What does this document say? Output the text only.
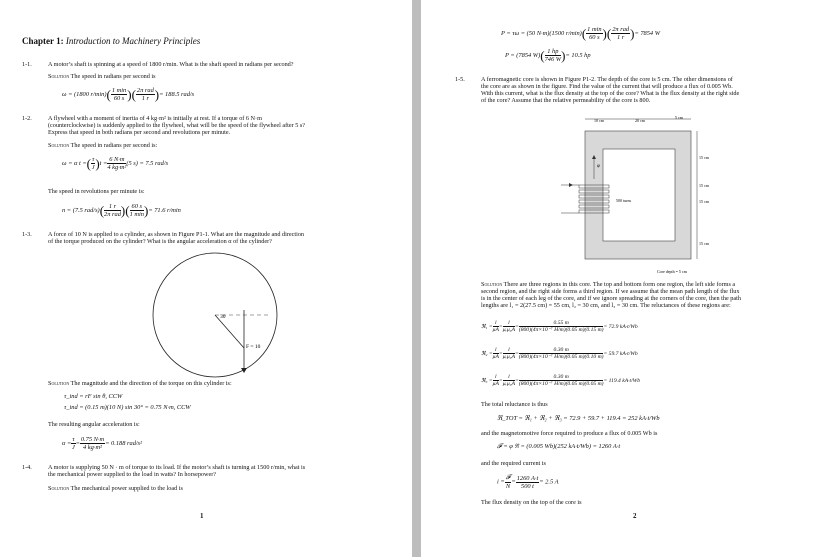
Chapter 1: Introduction to Machinery Principles
1-1.	A motor’s shaft is spinning at a speed of 1800 r/min. What is the shaft speed in radians per second?
Solution The speed in radians per second is
ω = (1800 $r/\min)( \frac{1 \min}{60 s}$ )( $\frac{\text{2π rad}}{1 r}$ )= 188.5 rad/s
1-2.	A flywheel with a moment of inertia of 4 kg·m² is initially at rest. If a torque of 6 N·m
(counterclockwise) is suddenly applied to the flywheel, what will be the speed of the flywheel after 5 s?
Express that speed in both radians per second and revolutions per minute.
Solution The speed in radians per second is:
ω = α t =( $\frac{\tau}{J} )t = \frac{6 N\cdot m}{\text{4 kg·m²}} (5$ s) = 7.5 rad/s
The speed in revolutions per minute is:
n = (7.5 $rad/s)( \frac{1 r}{\text{2π rad}}$ )( $\frac{60 s}{1 \min}$ )= 71.6 r/min
1-3.	A force of 10 N is applied to a cylinder, as shown in Figure P1-1. What are the magnitude and direction
of the torque produced on the cylinder? What is the angular acceleration α of the cylinder?
30
F = 10
Solution The magnitude and the direction of the torque on this cylinder is:
τ_ind = rF sin θ, CCW
τ_ind = (0.15 m)(10 N) sin 30° = 0.75 N·m, CCW
The resulting angular acceleration is:
$\alpha = \frac{\tau}{J} = \frac{0.75 N\cdot m}{\text{4 kg·m²}} = 0.188$ rad/s²
1-4.	A motor is supplying 50 N · m of torque to its load. If the motor’s shaft is turning at 1500 r/min, what is
the mechanical power supplied to the load in watts? In horsepower?
Solution The mechanical power supplied to the load is
1
P = τω = (50 N·m)(1500 $r/\min)( \frac{1 \min}{60 s}$ )( $\frac{\text{2π rad}}{1 r}$ )= 7854 W
P = (7854 $W)( \frac{1 hp}{746 W}$ )= 10.5 hp
1-5.	A ferromagnetic core is shown in Figure P1-2. The depth of the core is 5 cm. The other dimensions of
the core are as shown in the figure. Find the value of the current that will produce a flux of 0.005 Wb.
With this current, what is the flux density at the top of the core? What is the flux density at the right side
of the core? Assume that the relative permeability of the core is 800.
10 cm	20 cm
5 cm
500 turns
φ
15 cm
15 cm
15 cm
15 cm
Core depth = 5 cm
Solution There are three regions in this core. The top and bottom form one region, the left side forms a
second region, and the right side forms a third region. If we assume that the mean path length of the flux
is in the center of each leg of the core, and if we ignore spreading at the corners of the core, then the path
lengths are l₁ = 2(27.5 cm) = 55 cm, l₂ = 30 cm, and l₃ = 30 cm. The reluctances of these regions are:
ℜ₁ = $\frac{l}{\mu A} = \frac{l}{\text{μᵣμ₀A}} = \frac{0.55 m}{\text{(800)(4π×10⁻⁷ H/m)(0.05 m)(0.15 m)}} = 72.9$ kA·t/Wb
ℜ₂ = $\frac{l}{\mu A} = \frac{l}{\text{μᵣμ₀A}} = \frac{0.30 m}{\text{(800)(4π×10⁻⁷ H/m)(0.05 m)(0.10 m)}} = 59.7$ kA·t/Wb
ℜ₃ = $\frac{l}{\mu A} = \frac{l}{\text{μᵣμ₀A}} = \frac{0.30 m}{\text{(800)(4π×10⁻⁷ H/m)(0.05 m)(0.05 m)}} = 119.4$ kA·t/Wb
The total reluctance is thus
ℜ_TOT = ℜ₁ + ℜ₂ + ℜ₃ = 72.9 + 59.7 + 119.4 = 252 kA·t/Wb
and the magnetomotive force required to produce a flux of 0.005 Wb is
𝓕 = φ ℜ = (0.005 Wb)(252 kA·t/Wb) = 1260 A·t
and the required current is
$i = \frac{\text{𝓕}}{N} = \frac{1260 A\cdot t}{500 t} = 2.5$ A
The flux density on the top of the core is
2
